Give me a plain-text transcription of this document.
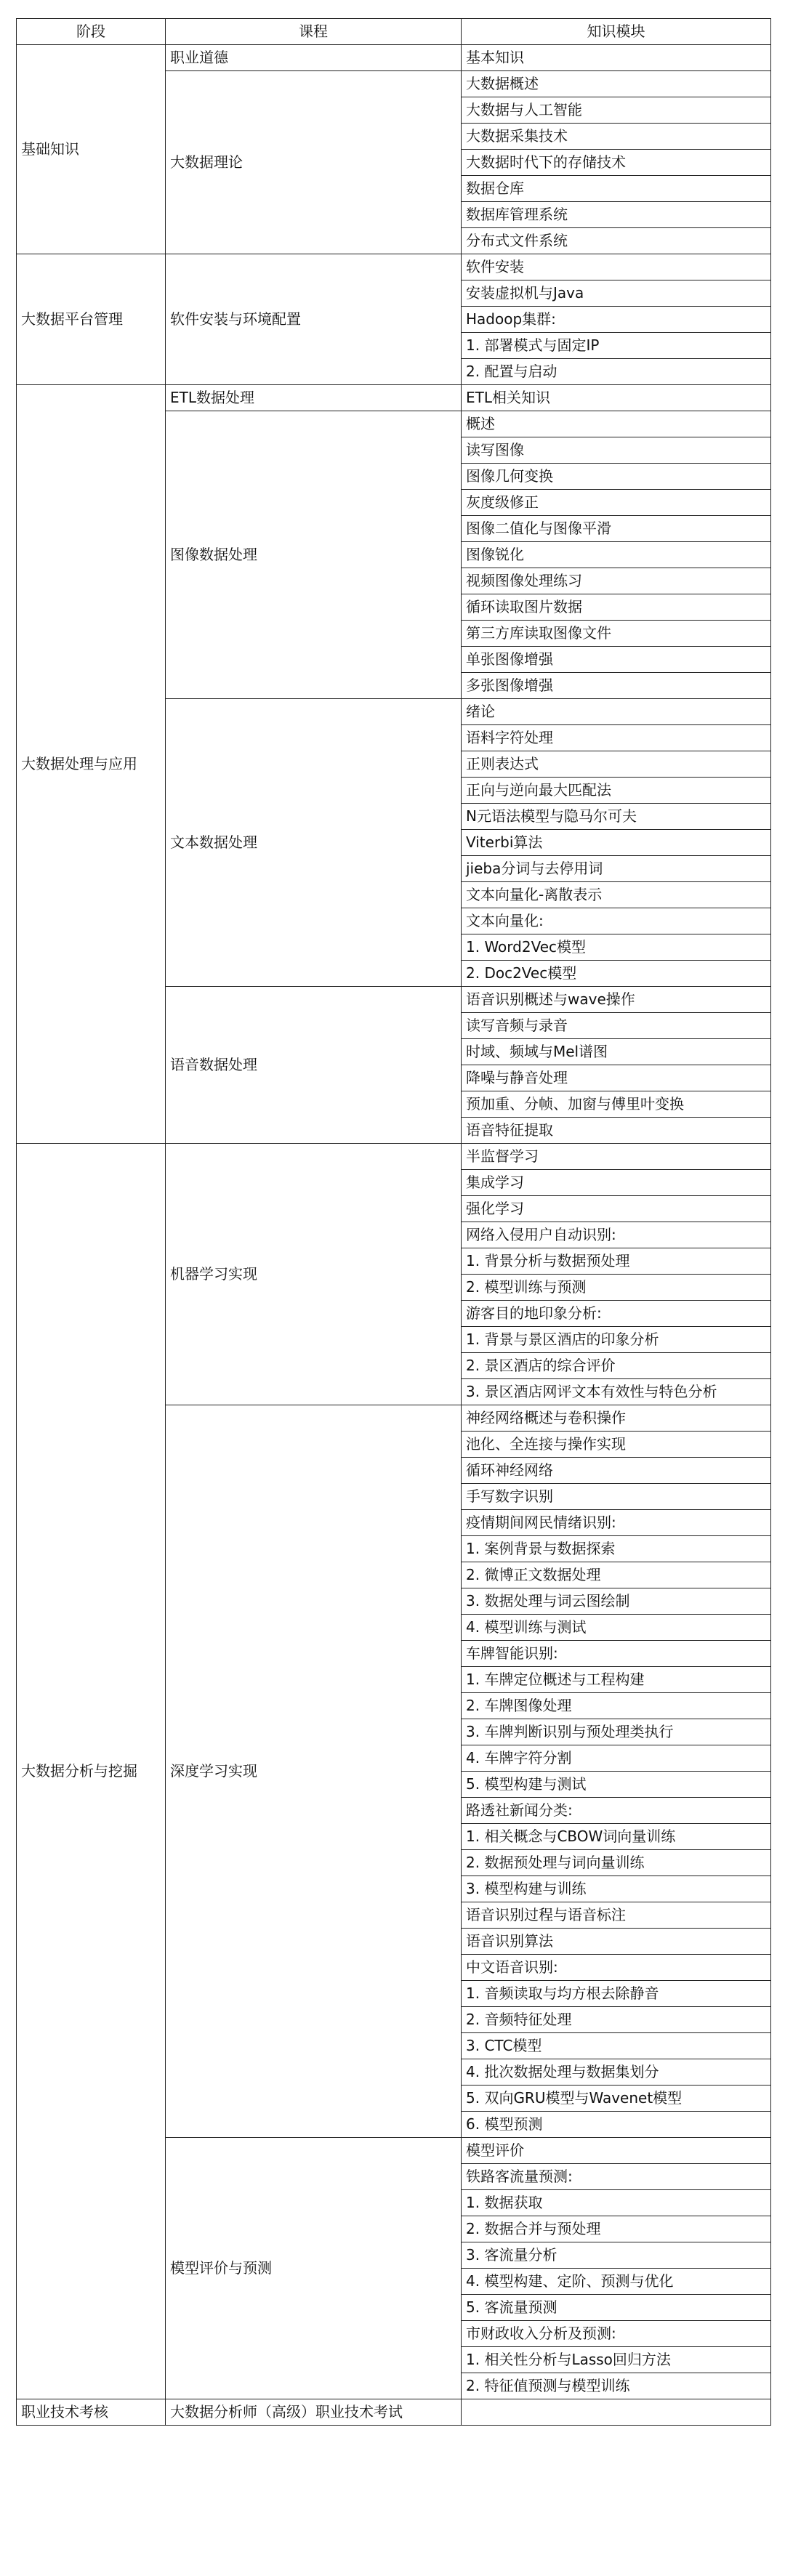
阶段	课程	知识模块
基础知识	职业道德	基本知识
	大数据理论	大数据概述
		大数据与人工智能
		大数据采集技术
		大数据时代下的存储技术
		数据仓库
		数据库管理系统
		分布式文件系统
大数据平台管理	软件安装与环境配置	软件安装
		安装虚拟机与Java
		Hadoop集群:
		1. 部署模式与固定IP
		2. 配置与启动
大数据处理与应用	ETL数据处理	ETL相关知识
	图像数据处理	概述
		读写图像
		图像几何变换
		灰度级修正
		图像二值化与图像平滑
		图像锐化
		视频图像处理练习
		循环读取图片数据
		第三方库读取图像文件
		单张图像增强
		多张图像增强
	文本数据处理	绪论
		语料字符处理
		正则表达式
		正向与逆向最大匹配法
		N元语法模型与隐马尔可夫
		Viterbi算法
		jieba分词与去停用词
		文本向量化-离散表示
		文本向量化:
		1. Word2Vec模型
		2. Doc2Vec模型
	语音数据处理	语音识别概述与wave操作
		读写音频与录音
		时域、频域与Mel谱图
		降噪与静音处理
		预加重、分帧、加窗与傅里叶变换
		语音特征提取
大数据分析与挖掘	机器学习实现	半监督学习
		集成学习
		强化学习
		网络入侵用户自动识别:
		1. 背景分析与数据预处理
		2. 模型训练与预测
		游客目的地印象分析:
		1. 背景与景区酒店的印象分析
		2. 景区酒店的综合评价
		3. 景区酒店网评文本有效性与特色分析
	深度学习实现	神经网络概述与卷积操作
		池化、全连接与操作实现
		循环神经网络
		手写数字识别
		疫情期间网民情绪识别:
		1. 案例背景与数据探索
		2. 微博正文数据处理
		3. 数据处理与词云图绘制
		4. 模型训练与测试
		车牌智能识别:
		1. 车牌定位概述与工程构建
		2. 车牌图像处理
		3. 车牌判断识别与预处理类执行
		4. 车牌字符分割
		5. 模型构建与测试
		路透社新闻分类:
		1. 相关概念与CBOW词向量训练
		2. 数据预处理与词向量训练
		3. 模型构建与训练
		语音识别过程与语音标注
		语音识别算法
		中文语音识别:
		1. 音频读取与均方根去除静音
		2. 音频特征处理
		3. CTC模型
		4. 批次数据处理与数据集划分
		5. 双向GRU模型与Wavenet模型
		6. 模型预测
	模型评价与预测	模型评价
		铁路客流量预测:
		1. 数据获取
		2. 数据合并与预处理
		3. 客流量分析
		4. 模型构建、定阶、预测与优化
		5. 客流量预测
		市财政收入分析及预测:
		1. 相关性分析与Lasso回归方法
		2. 特征值预测与模型训练
职业技术考核	大数据分析师（高级）职业技术考试	
